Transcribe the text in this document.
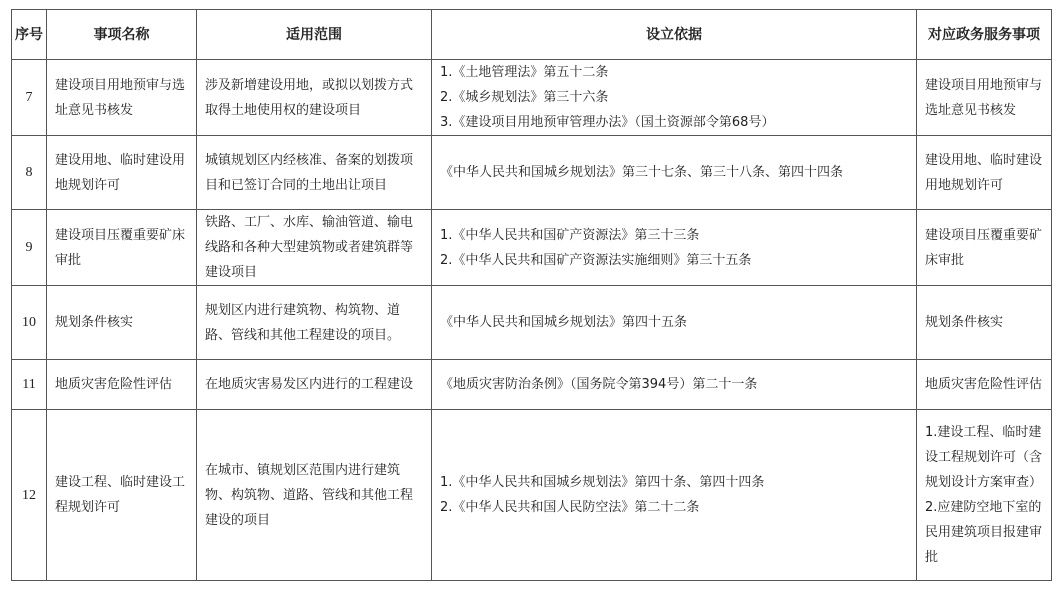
序号	事项名称	适用范围	设立依据	对应政务服务事项
7	建设项目用地预审与选址意见书核发	涉及新增建设用地，或拟以划拨方式取得土地使用权的建设项目	1.《土地管理法》第五十二条
2.《城乡规划法》第三十六条
3.《建设项目用地预审管理办法》（国土资源部令第68号）	建设项目用地预审与选址意见书核发
8	建设用地、临时建设用地规划许可	城镇规划区内经核准、备案的划拨项目和已签订合同的土地出让项目	《中华人民共和国城乡规划法》第三十七条、第三十八条、第四十四条	建设用地、临时建设用地规划许可
9	建设项目压覆重要矿床审批	铁路、工厂、水库、输油管道、输电线路和各种大型建筑物或者建筑群等建设项目	1.《中华人民共和国矿产资源法》第三十三条
2.《中华人民共和国矿产资源法实施细则》第三十五条	建设项目压覆重要矿床审批
10	规划条件核实	规划区内进行建筑物、构筑物、道路、管线和其他工程建设的项目。	《中华人民共和国城乡规划法》第四十五条	规划条件核实
11	地质灾害危险性评估	在地质灾害易发区内进行的工程建设	《地质灾害防治条例》（国务院令第394号）第二十一条	地质灾害危险性评估
12	建设工程、临时建设工程规划许可	在城市、镇规划区范围内进行建筑物、构筑物、道路、管线和其他工程建设的项目	1.《中华人民共和国城乡规划法》第四十条、第四十四条
2.《中华人民共和国人民防空法》第二十二条	1.建设工程、临时建设工程规划许可（含规划设计方案审查）
2.应建防空地下室的民用建筑项目报建审批
